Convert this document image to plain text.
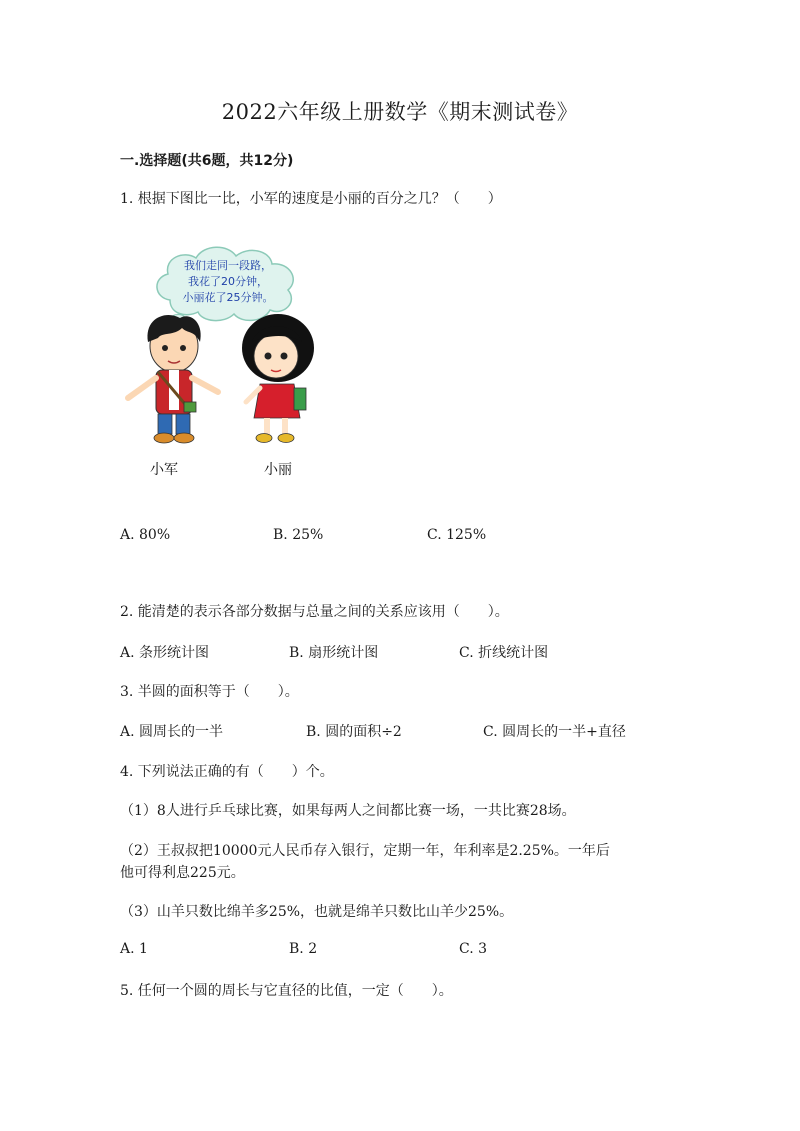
2022六年级上册数学《期末测试卷》
一.选择题(共6题，共12分)
1. 根据下图比一比，小军的速度是小丽的百分之几？（　　）
我们走同一段路，
我花了20分钟，
小丽花了25分钟。
小军	小丽
A. 80%	B. 25%	C. 125%
2. 能清楚的表示各部分数据与总量之间的关系应该用（　　）。
A. 条形统计图	B. 扇形统计图	C. 折线统计图
3. 半圆的面积等于（　　）。
A. 圆周长的一半	B. 圆的面积÷2	C. 圆周长的一半+直径
4. 下列说法正确的有（　　）个。
（1）8人进行乒乓球比赛，如果每两人之间都比赛一场，一共比赛28场。
（2）王叔叔把10000元人民币存入银行，定期一年，年利率是2.25%。一年后
他可得利息225元。
（3）山羊只数比绵羊多25%，也就是绵羊只数比山羊少25%。
A. 1	B. 2	C. 3
5. 任何一个圆的周长与它直径的比值，一定（　　）。
